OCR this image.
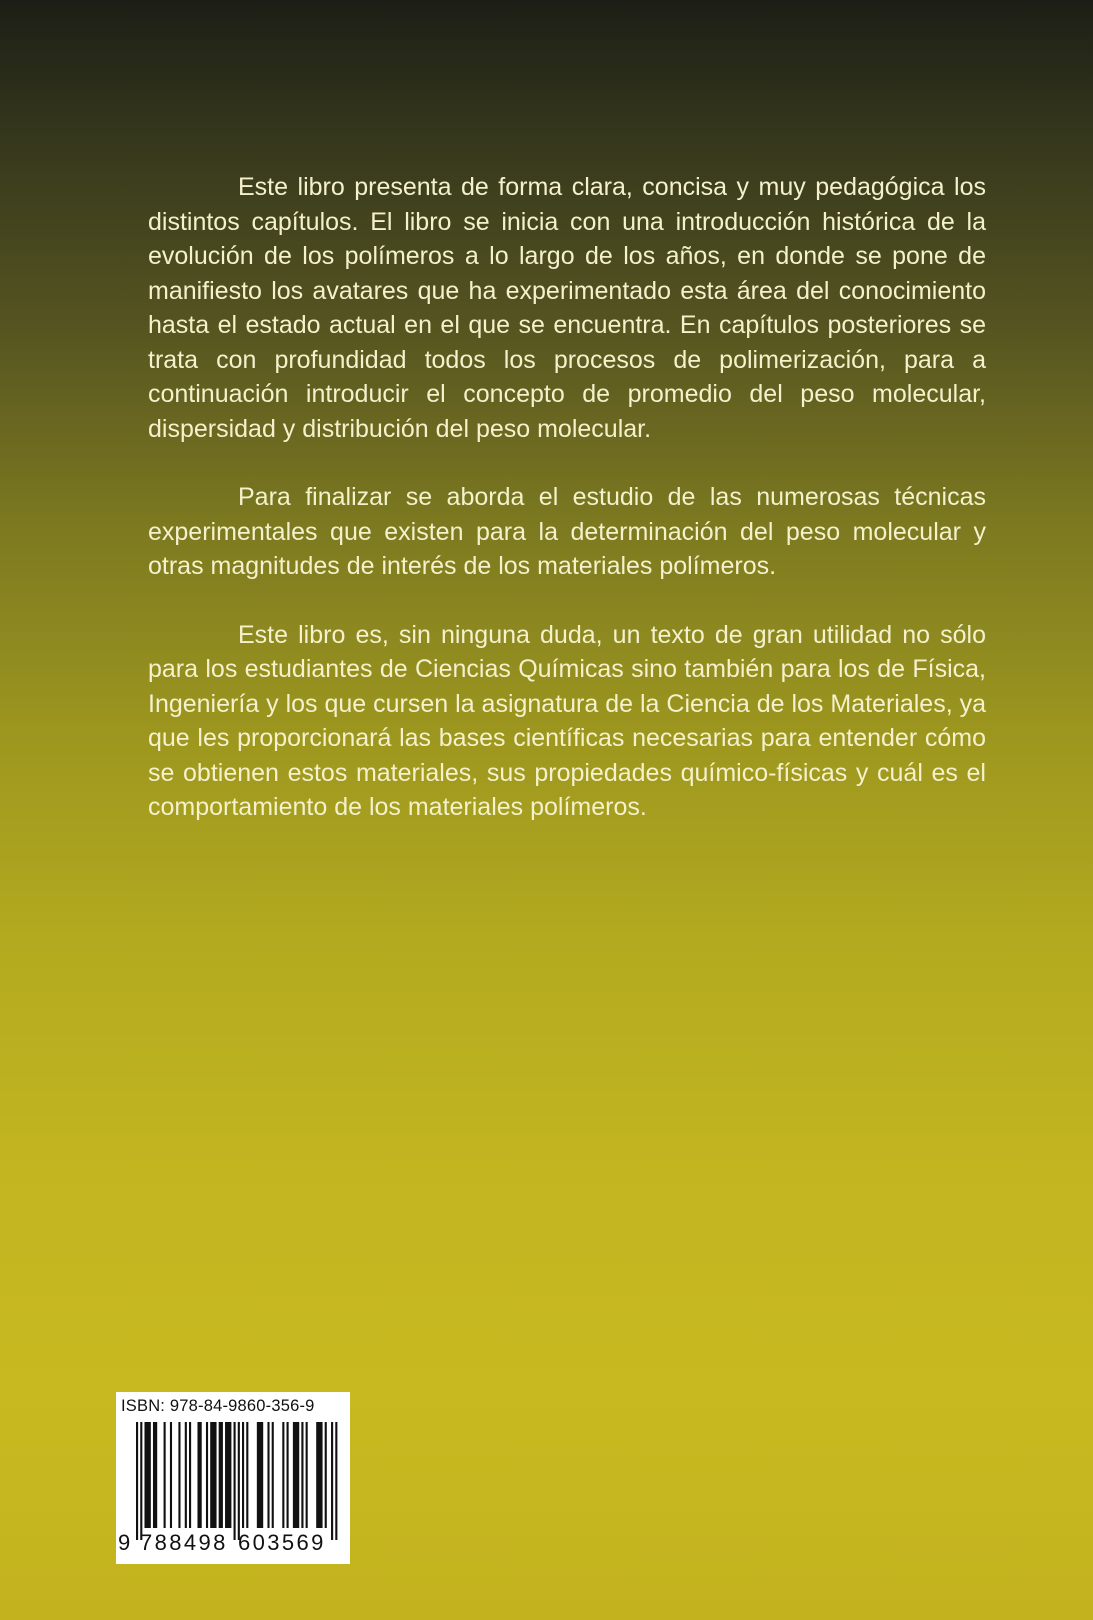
Este libro presenta de forma clara, concisa y muy pedagógica los distintos capítulos. El libro se inicia con una introducción histórica de la evolución de los polímeros a lo largo de los años, en donde se pone de manifiesto los avatares que ha experimentado esta área del conocimiento hasta el estado actual en el que se encuentra. En capítulos posteriores se trata con profundidad todos los procesos de polimerización, para a continuación introducir el concepto de promedio del peso molecular, dispersidad y distribución del peso molecular.

Para finalizar se aborda el estudio de las numerosas técnicas experimentales que existen para la determinación del peso molecular y otras magnitudes de interés de los materiales polímeros.

Este libro es, sin ninguna duda, un texto de gran utilidad no sólo para los estudiantes de Ciencias Químicas sino también para los de Física, Ingeniería y los que cursen la asignatura de la Ciencia de los Materiales, ya que les proporcionará las bases científicas necesarias para entender cómo se obtienen estos materiales, sus propiedades químico-físicas y cuál es el comportamiento de los materiales polímeros.

ISBN: 978-84-9860-356-9
9 788498 603569
